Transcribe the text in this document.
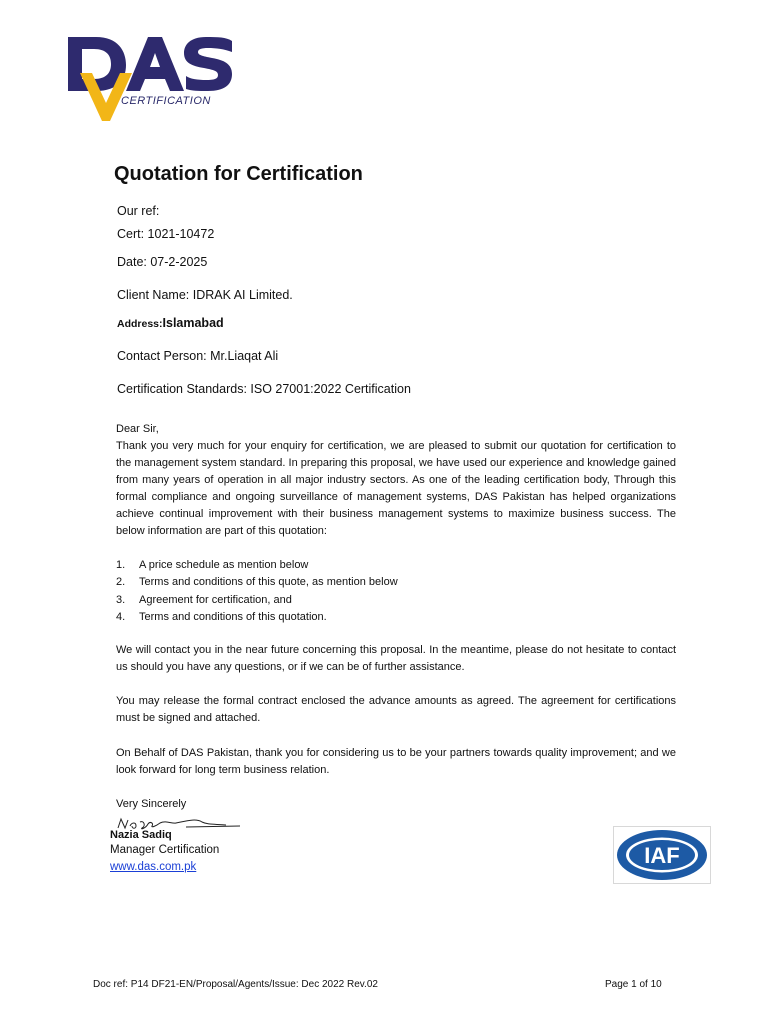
CERTIFICATION
Quotation for Certification
Our ref:
Cert: 1021-10472
Date: 07-2-2025
Client Name: IDRAK AI Limited.
Address:Islamabad
Contact Person: Mr.Liaqat Ali
Certification Standards: ISO 27001:2022 Certification

Dear Sir,

Thank you very much for your enquiry for certification, we are pleased to submit our quotation for certification to the management system standard. In preparing this proposal, we have used our experience and knowledge gained from many years of operation in all major industry sectors. As one of the leading certification body, Through this formal compliance and ongoing surveillance of management systems, DAS Pakistan has helped organizations achieve continual improvement with their business management systems to maximize business success. The below information are part of this quotation:

1.	A price schedule as mention below
2.	Terms and conditions of this quote, as mention below
3.	Agreement for certification, and
4.	Terms and conditions of this quotation.
We will contact you in the near future concerning this proposal. In the meantime, please do not hesitate to contact us should you have any questions, or if we can be of further assistance.
You may release the formal contract enclosed the advance amounts as agreed. The agreement for certifications must be signed and attached.
On Behalf of DAS Pakistan, thank you for considering us to be your partners towards quality improvement; and we look forward for long term business relation.
Very Sincerely
Nazia Sadiq
Manager Certification
www.das.com.pk	IAF
Doc ref: P14 DF21-EN/Proposal/Agents/Issue: Dec 2022 Rev.02	Page 1 of 10
